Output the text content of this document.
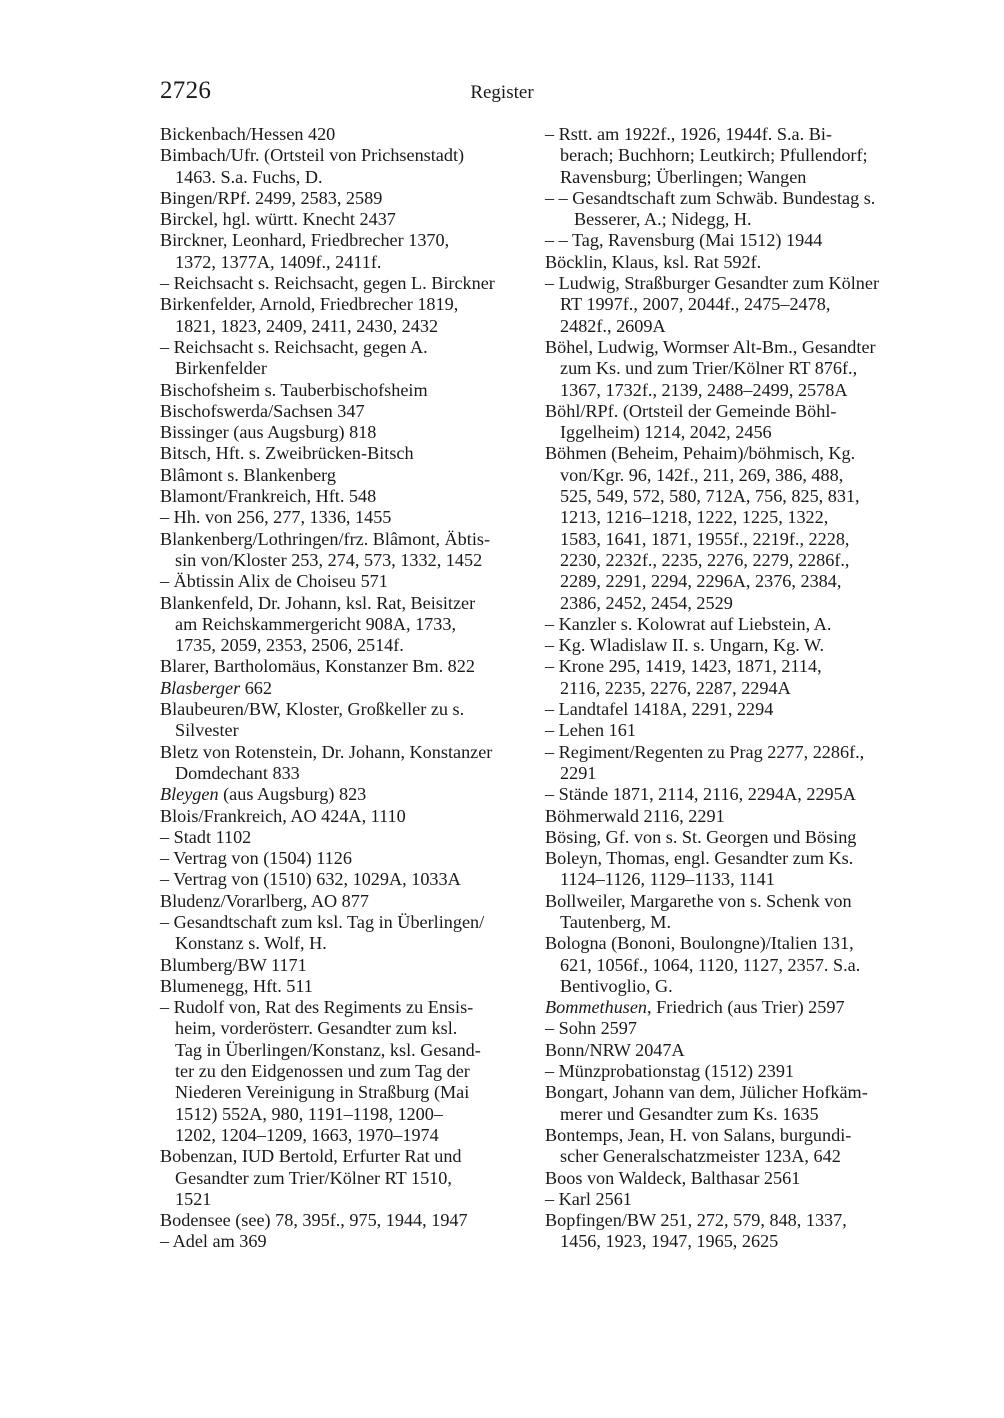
2726	Register
Bickenbach/Hessen 420
Bimbach/Ufr. (Ortsteil von Prichsenstadt)
1463. S.a. Fuchs, D.
Bingen/RPf. 2499, 2583, 2589
Birckel, hgl. württ. Knecht 2437
Birckner, Leonhard, Friedbrecher 1370,
1372, 1377A, 1409f., 2411f.
– Reichsacht s. Reichsacht, gegen L. Birckner
Birkenfelder, Arnold, Friedbrecher 1819,
1821, 1823, 2409, 2411, 2430, 2432
– Reichsacht s. Reichsacht, gegen A.
Birkenfelder
Bischofsheim s. Tauberbischofsheim
Bischofswerda/Sachsen 347
Bissinger (aus Augsburg) 818
Bitsch, Hft. s. Zweibrücken-Bitsch
Blâmont s. Blankenberg
Blamont/Frankreich, Hft. 548
– Hh. von 256, 277, 1336, 1455
Blankenberg/Lothringen/frz. Blâmont, Äbtis-
sin von/Kloster 253, 274, 573, 1332, 1452
– Äbtissin Alix de Choiseu 571
Blankenfeld, Dr. Johann, ksl. Rat, Beisitzer
am Reichskammergericht 908A, 1733,
1735, 2059, 2353, 2506, 2514f.
Blarer, Bartholomäus, Konstanzer Bm. 822
Blasberger 662
Blaubeuren/BW, Kloster, Großkeller zu s.
Silvester
Bletz von Rotenstein, Dr. Johann, Konstanzer
Domdechant 833
Bleygen (aus Augsburg) 823
Blois/Frankreich, AO 424A, 1110
– Stadt 1102
– Vertrag von (1504) 1126
– Vertrag von (1510) 632, 1029A, 1033A
Bludenz/Vorarlberg, AO 877
– Gesandtschaft zum ksl. Tag in Überlingen/
Konstanz s. Wolf, H.
Blumberg/BW 1171
Blumenegg, Hft. 511
– Rudolf von, Rat des Regiments zu Ensis-
heim, vorderösterr. Gesandter zum ksl.
Tag in Überlingen/Konstanz, ksl. Gesand-
ter zu den Eidgenossen und zum Tag der
Niederen Vereinigung in Straßburg (Mai
1512) 552A, 980, 1191–1198, 1200–
1202, 1204–1209, 1663, 1970–1974
Bobenzan, IUD Bertold, Erfurter Rat und
Gesandter zum Trier/Kölner RT 1510,
1521
Bodensee (see) 78, 395f., 975, 1944, 1947
– Adel am 369
– Rstt. am 1922f., 1926, 1944f. S.a. Bi-
berach; Buchhorn; Leutkirch; Pfullendorf;
Ravensburg; Überlingen; Wangen
– – Gesandtschaft zum Schwäb. Bundestag s.
Besserer, A.; Nidegg, H.
– – Tag, Ravensburg (Mai 1512) 1944
Böcklin, Klaus, ksl. Rat 592f.
– Ludwig, Straßburger Gesandter zum Kölner
RT 1997f., 2007, 2044f., 2475–2478,
2482f., 2609A
Böhel, Ludwig, Wormser Alt-Bm., Gesandter
zum Ks. und zum Trier/Kölner RT 876f.,
1367, 1732f., 2139, 2488–2499, 2578A
Böhl/RPf. (Ortsteil der Gemeinde Böhl-
Iggelheim) 1214, 2042, 2456
Böhmen (Beheim, Pehaim)/böhmisch, Kg.
von/Kgr. 96, 142f., 211, 269, 386, 488,
525, 549, 572, 580, 712A, 756, 825, 831,
1213, 1216–1218, 1222, 1225, 1322,
1583, 1641, 1871, 1955f., 2219f., 2228,
2230, 2232f., 2235, 2276, 2279, 2286f.,
2289, 2291, 2294, 2296A, 2376, 2384,
2386, 2452, 2454, 2529
– Kanzler s. Kolowrat auf Liebstein, A.
– Kg. Wladislaw II. s. Ungarn, Kg. W.
– Krone 295, 1419, 1423, 1871, 2114,
2116, 2235, 2276, 2287, 2294A
– Landtafel 1418A, 2291, 2294
– Lehen 161
– Regiment/Regenten zu Prag 2277, 2286f.,
2291
– Stände 1871, 2114, 2116, 2294A, 2295A
Böhmerwald 2116, 2291
Bösing, Gf. von s. St. Georgen und Bösing
Boleyn, Thomas, engl. Gesandter zum Ks.
1124–1126, 1129–1133, 1141
Bollweiler, Margarethe von s. Schenk von
Tautenberg, M.
Bologna (Bononi, Boulongne)/Italien 131,
621, 1056f., 1064, 1120, 1127, 2357. S.a.
Bentivoglio, G.
Bommethusen, Friedrich (aus Trier) 2597
– Sohn 2597
Bonn/NRW 2047A
– Münzprobationstag (1512) 2391
Bongart, Johann van dem, Jülicher Hofkäm-
merer und Gesandter zum Ks. 1635
Bontemps, Jean, H. von Salans, burgundi-
scher Generalschatzmeister 123A, 642
Boos von Waldeck, Balthasar 2561
– Karl 2561
Bopfingen/BW 251, 272, 579, 848, 1337,
1456, 1923, 1947, 1965, 2625
